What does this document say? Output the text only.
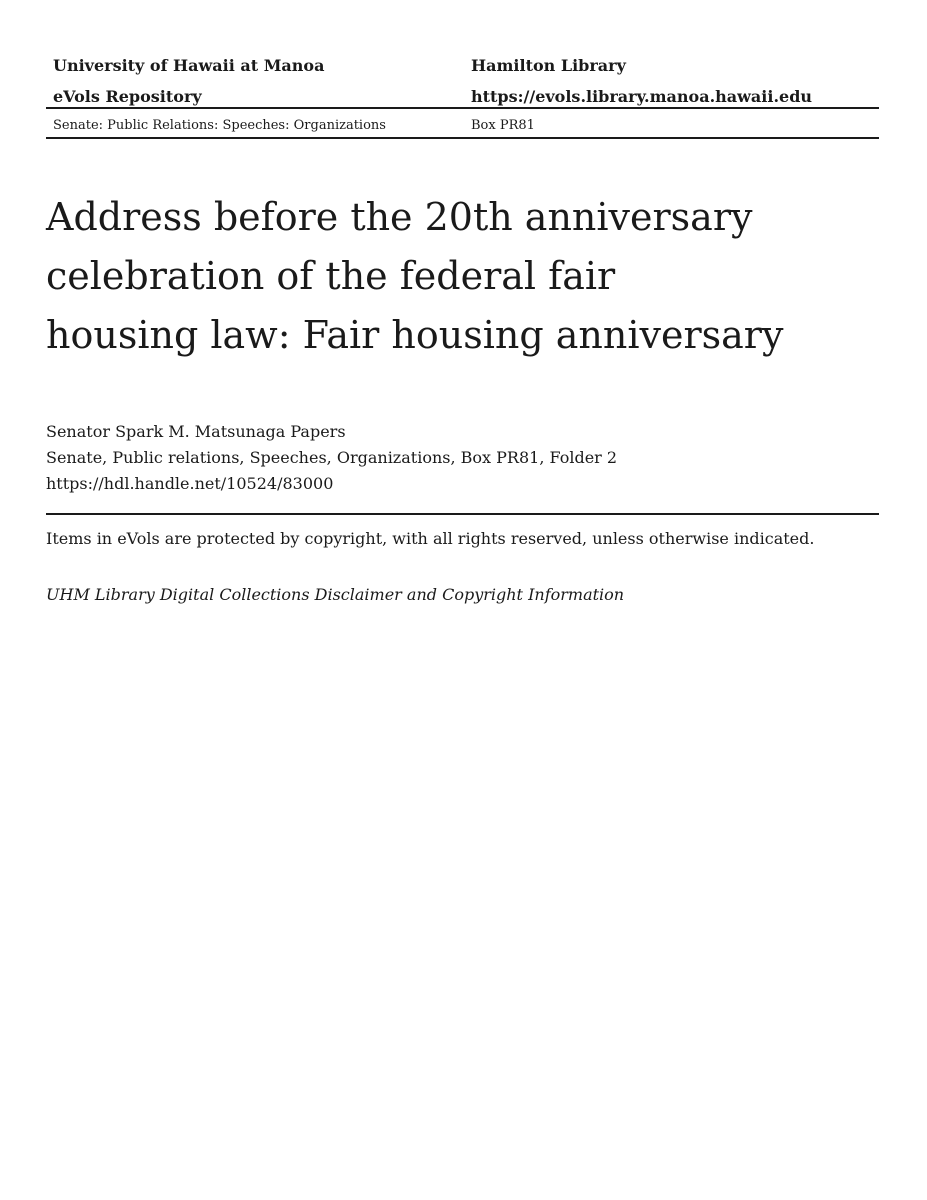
University of Hawaii at Manoa	Hamilton Library
eVols Repository	https://evols.library.manoa.hawaii.edu
Senate: Public Relations: Speeches: Organizations	Box PR81
Address before the 20th anniversary
celebration of the federal fair
housing law: Fair housing anniversary
Senator Spark M. Matsunaga Papers
Senate, Public relations, Speeches, Organizations, Box PR81, Folder 2
https://hdl.handle.net/10524/83000
Items in eVols are protected by copyright, with all rights reserved, unless otherwise indicated.
UHM Library Digital Collections Disclaimer and Copyright Information
